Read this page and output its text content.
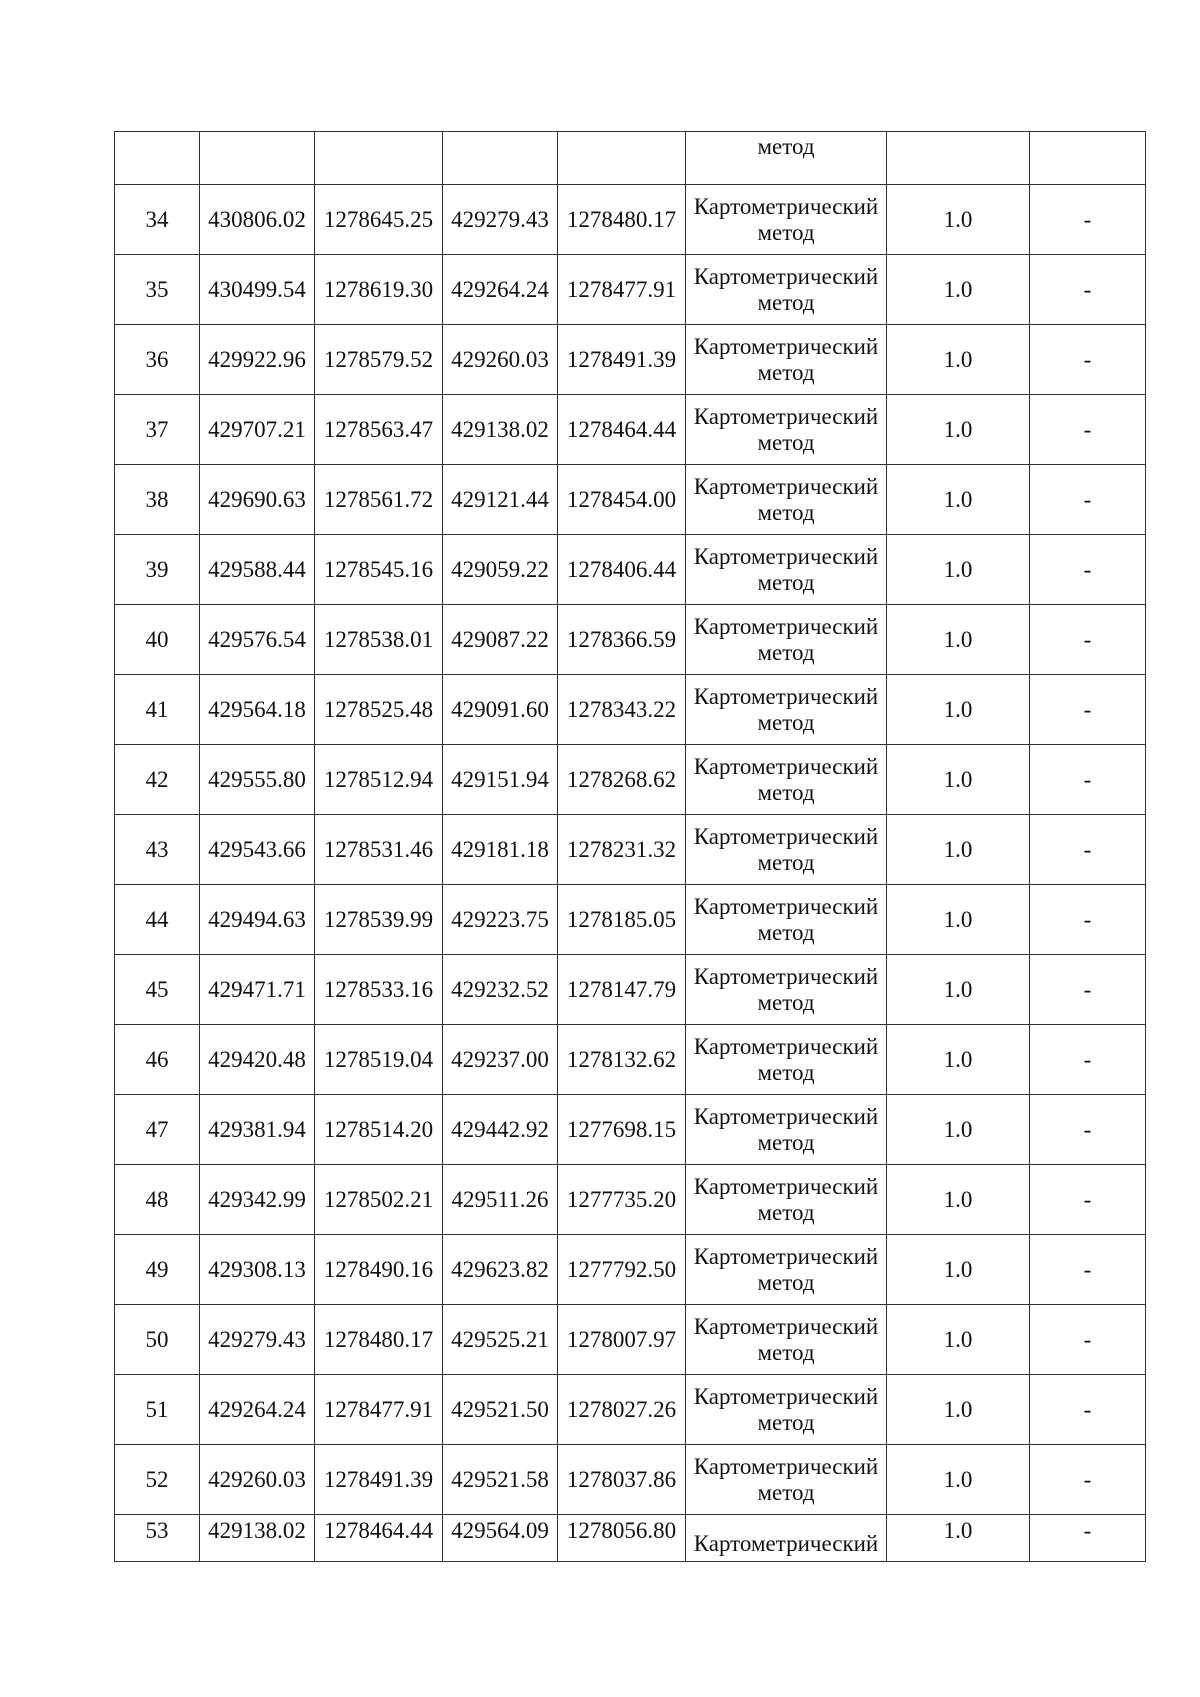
					метод		

34	430806.02	1278645.25	429279.43	1278480.17	Картометрический
метод	1.0	-
35	430499.54	1278619.30	429264.24	1278477.91	Картометрический
метод	1.0	-
36	429922.96	1278579.52	429260.03	1278491.39	Картометрический
метод	1.0	-
37	429707.21	1278563.47	429138.02	1278464.44	Картометрический
метод	1.0	-
38	429690.63	1278561.72	429121.44	1278454.00	Картометрический
метод	1.0	-
39	429588.44	1278545.16	429059.22	1278406.44	Картометрический
метод	1.0	-
40	429576.54	1278538.01	429087.22	1278366.59	Картометрический
метод	1.0	-
41	429564.18	1278525.48	429091.60	1278343.22	Картометрический
метод	1.0	-
42	429555.80	1278512.94	429151.94	1278268.62	Картометрический
метод	1.0	-
43	429543.66	1278531.46	429181.18	1278231.32	Картометрический
метод	1.0	-
44	429494.63	1278539.99	429223.75	1278185.05	Картометрический
метод	1.0	-
45	429471.71	1278533.16	429232.52	1278147.79	Картометрический
метод	1.0	-
46	429420.48	1278519.04	429237.00	1278132.62	Картометрический
метод	1.0	-
47	429381.94	1278514.20	429442.92	1277698.15	Картометрический
метод	1.0	-
48	429342.99	1278502.21	429511.26	1277735.20	Картометрический
метод	1.0	-
49	429308.13	1278490.16	429623.82	1277792.50	Картометрический
метод	1.0	-
50	429279.43	1278480.17	429525.21	1278007.97	Картометрический
метод	1.0	-
51	429264.24	1278477.91	429521.50	1278027.26	Картометрический
метод	1.0	-
52	429260.03	1278491.39	429521.58	1278037.86	Картометрический
метод	1.0	-
53	429138.02	1278464.44	429564.09	1278056.80	Картометрический	1.0	-
